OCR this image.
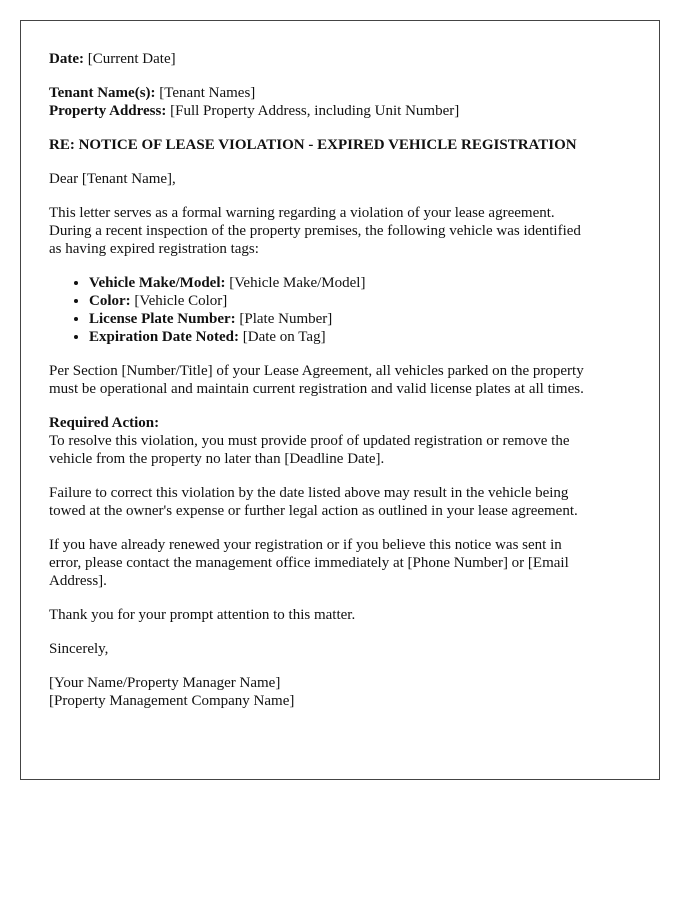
Date: [Current Date]

Tenant Name(s): [Tenant Names]
Property Address: [Full Property Address, including Unit Number]

RE: NOTICE OF LEASE VIOLATION - EXPIRED VEHICLE REGISTRATION

Dear [Tenant Name],

This letter serves as a formal warning regarding a violation of your lease agreement.
During a recent inspection of the property premises, the following vehicle was identified
as having expired registration tags:

• Vehicle Make/Model: [Vehicle Make/Model]
• Color: [Vehicle Color]
• License Plate Number: [Plate Number]
• Expiration Date Noted: [Date on Tag]

Per Section [Number/Title] of your Lease Agreement, all vehicles parked on the property
must be operational and maintain current registration and valid license plates at all times.

Required Action:
To resolve this violation, you must provide proof of updated registration or remove the
vehicle from the property no later than [Deadline Date].

Failure to correct this violation by the date listed above may result in the vehicle being
towed at the owner's expense or further legal action as outlined in your lease agreement.

If you have already renewed your registration or if you believe this notice was sent in
error, please contact the management office immediately at [Phone Number] or [Email
Address].

Thank you for your prompt attention to this matter.

Sincerely,

[Your Name/Property Manager Name]
[Property Management Company Name]
